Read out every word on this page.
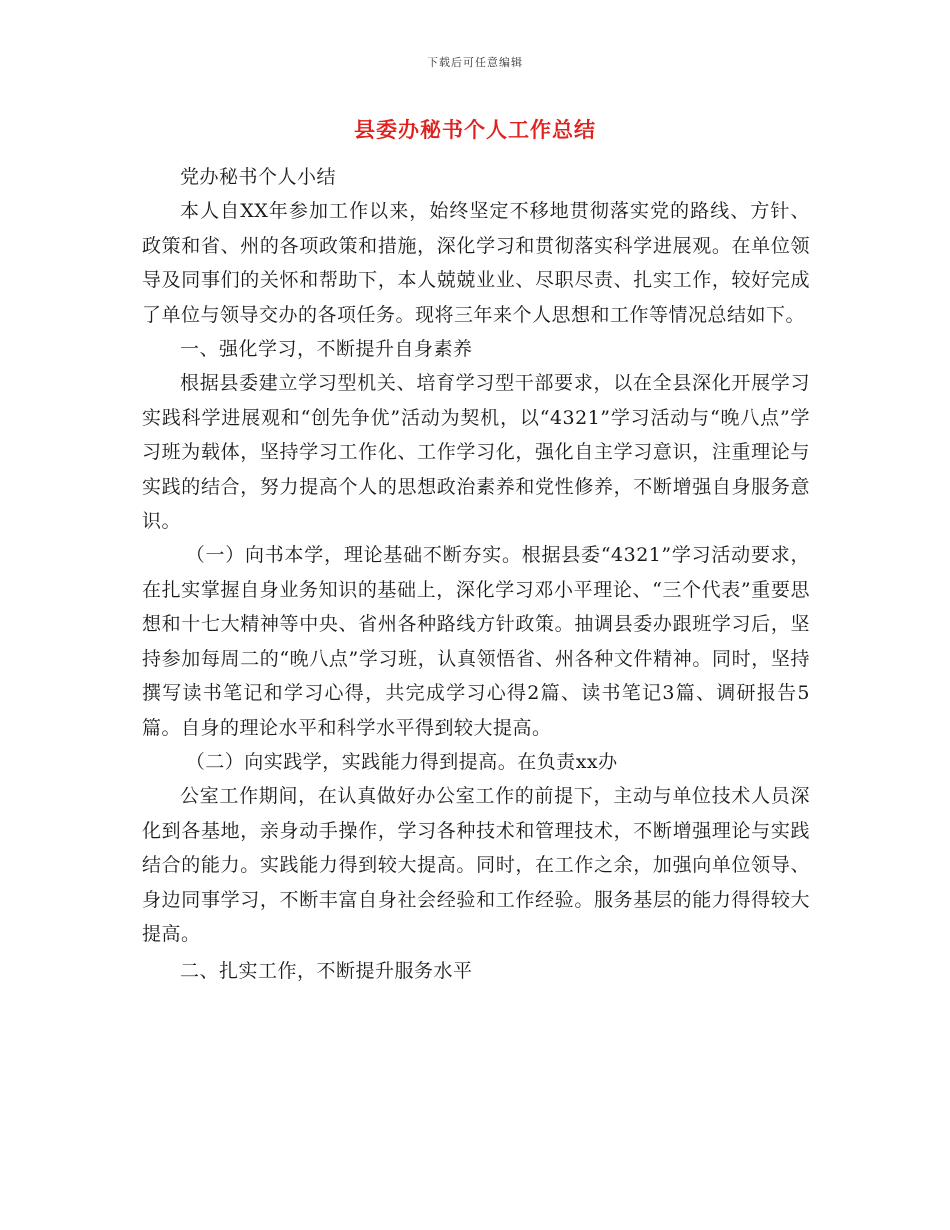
下载后可任意编辑
县委办秘书个人工作总结

党办秘书个人小结

本人自XX年参加工作以来，始终坚定不移地贯彻落实党的路线、方针、政策和省、州的各项政策和措施，深化学习和贯彻落实科学进展观。在单位领导及同事们的关怀和帮助下，本人兢兢业业、尽职尽责、扎实工作，较好完成了单位与领导交办的各项任务。现将三年来个人思想和工作等情况总结如下。

一、强化学习，不断提升自身素养

根据县委建立学习型机关、培育学习型干部要求，以在全县深化开展学习实践科学进展观和“创先争优”活动为契机，以“4321”学习活动与“晚八点”学习班为载体，坚持学习工作化、工作学习化，强化自主学习意识，注重理论与实践的结合，努力提高个人的思想政治素养和党性修养，不断增强自身服务意识。

（一）向书本学，理论基础不断夯实。根据县委“4321”学习活动要求，在扎实掌握自身业务知识的基础上，深化学习邓小平理论、“三个代表”重要思想和十七大精神等中央、省州各种路线方针政策。抽调县委办跟班学习后，坚持参加每周二的“晚八点”学习班，认真领悟省、州各种文件精神。同时，坚持撰写读书笔记和学习心得，共完成学习心得2篇、读书笔记3篇、调研报告5篇。自身的理论水平和科学水平得到较大提高。

（二）向实践学，实践能力得到提高。在负责xx办

公室工作期间，在认真做好办公室工作的前提下，主动与单位技术人员深化到各基地，亲身动手操作，学习各种技术和管理技术，不断增强理论与实践结合的能力。实践能力得到较大提高。同时，在工作之余，加强向单位领导、身边同事学习，不断丰富自身社会经验和工作经验。服务基层的能力得得较大提高。

二、扎实工作，不断提升服务水平
